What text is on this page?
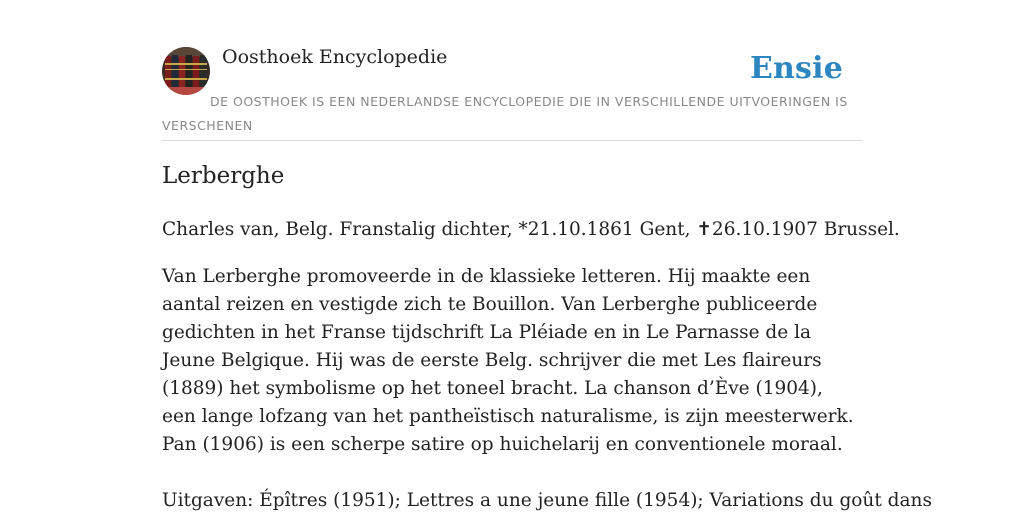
Oosthoek Encyclopedie	Ensie
DE OOSTHOEK IS EEN NEDERLANDSE ENCYCLOPEDIE DIE IN VERSCHILLENDE UITVOERINGEN IS VERSCHENEN
Lerberghe

Charles van, Belg. Franstalig dichter, *21.10.1861 Gent, ✝26.10.1907 Brussel.

Van Lerberghe promoveerde in de klassieke letteren. Hij maakte een aantal reizen en vestigde zich te Bouillon. Van Lerberghe publiceerde gedichten in het Franse tijdschrift La Pléiade en in Le Parnasse de la Jeune Belgique. Hij was de eerste Belg. schrijver die met Les flaireurs (1889) het symbolisme op het toneel bracht. La chanson d’Ève (1904), een lange lofzang van het pantheïstisch naturalisme, is zijn meesterwerk. Pan (1906) is een scherpe satire op huichelarij en conventionele moraal.

Uitgaven: Épîtres (1951); Lettres a une jeune fille (1954); Variations du goût dans
